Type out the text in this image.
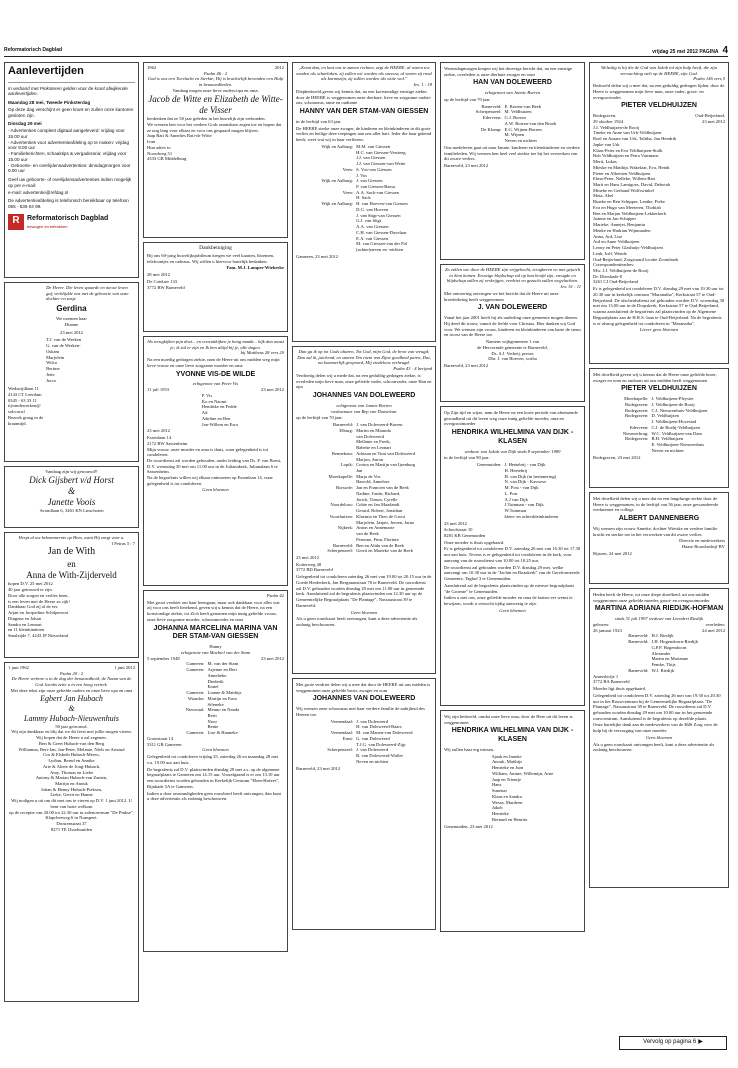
Reformatorisch Dagblad	vrijdag 25 mei 2012 PAGINA 4
Aanlevertijden

In verband met Pinksteren gelden voor de krant afwijkende aanlevertijden.

Maandag 28 mei, Tweede Pinksterdag

Op deze dag verschijnt er geen krant en zullen onze kantoren gesloten zijn.

Dinsdag 29 mei

- Advertenties compleet digitaal aangeleverd: vrijdag voor 15.00 uur
- Advertenties voor advertentieafdeling op te maken: vrijdag voor 9.00 uur
- Familieberichten, schaaktips & vergaderaria: vrijdag voor 15.00 uur
- Geboorte- en overlijdensadvertenties: dinsdagmorgen voor 9.00 uur

Geef uw geboorte- of overlijdensadvertenties indien mogelijk op per e-mail:

e-mail: advertentie@refdag.nl

De advertentieafdeling is telefonisch bereikbaar op telefoon 055 - 539 04 99.

R	Reformatorisch Dagblad
bewogen en betrokken
De Heere. Die leven spaarde en nieuw leven gaf, verblijdde ons met de geboorte van onze dochter en zusje
Gerdina
We noemen haar
Dianne
23 mei 2012
T.J. van de Werken
G. van de Werken-
Oskam
Marjolein
Wilco
Bertine
Jette
Jacco
Wedstrijdlaan 11
4143 CT Leerdam
0345 - 63 33 11
tijvandewerken@
solcon.nl
Bezoek graag in de
kraamtijd.
Vandaag zijn wij getrouwd!!
Dick Gijsbert v/d Horst
&
Janette Voois
Avondlaan 6, 3461 KN Linschoten
Herpt al uw bekommernis op Hem, want Hij zorgt voor u.
I Petrus 5 : 7
Jan de With
en
Anna de With-Zijderveld
hopen D.V. 25 mei 2012
40 jaar getrouwd te zijn.
Door alle zorgen en verlies heen,
is een leven met de Heere zo rijk!
Dankbaar God zij al de eer.
Arjan en Jacqueline Schilperoort
Dingena en Johan
Sandra en Lennart
en 11 kleinkinderen
Smalzijde 7, 4243 JP Nieuwland
1 juni 1962	1 juni 2012
Psalm 20 : 2
De Heere verhore u in de dag der benauwdheid; de Naam van de God Jacobs zette u in een hoog vertrek.
Met deze tekst zijn onze geliefde ouders en onze lieve opa en oma
Egbert Jan Hubach
&
Lammy Hubach-Nieuwenhuis
50 jaar getrouwd.
Wij zijn dankbaar en blij dat we dit feest met jullie mogen vieren.
Wij hopen dat de Heere u zal zegenen.
Bert & Greet Hubach-van den Berg
Williamna, Bert-Jan, Jan-Peter, Melanie, Niels en Arnoud
Cor & Elsbeth Hubach-Mereo,
Lydian, Bernd en Annike
Arie & Aliete de Jong-Hubach,
Amy, Thomas en Lieke
Antony & Marian Hubach-van Zanten,
Martijn en Anouk
Johan & Henny Hubach-Pieksen,
Lieke, Gerrit en Hanne
Wij nodigen u uit om dit met ons te vieren op D.V. 1 juni 2012. U bent van harte welkom
op de receptie van 20.00 tot 22.30 uur in zalencentrum "De Pinkse", Klapcherweg 6 in Nunspeet.
Drostenstraat 37
8271 TE IJsselmuiden
1962	2012
Psalm 46 : 2
God is ons een Toevlucht en Sterkte; Hij is krachtelijk bevonden een Hulp in benauwdheden.
Vandaag mogen onze lieve ouders/opa en oma,
Jacob de Witte en Elizabeth de Witte-de Visser
herdenken dat ze 50 jaar geleden in het huwelijk zijn verbonden.
We wensen hen voor het verdere Gods onmisbare zegen toe en hopen dat ze nog lang voor elkaar en voor ons gespaard mogen blijven.
Jaap Rati & Annelies Rati-de Witte
Ivan
Hun adres is:
Noordweg 51
4333 GB Middelburg
Dankbetuiging

Bij ons 60-jarig huwelijksjubileum kregen we veel kaarten, bloemen, telefoontjes en cadeaus. Wij willen u hiervoor hartelijk bedanken.

Fam. M.J. Lamper-Wiekerke

28 mei 2012

De Cotelaer 133
3772 BW Barneveld
Als terugkijken pijn doet... en vooruitkijken je bang maakt... kijk dan naast je; ik zal er zijn en Ik ben altijd bij je, alle dagen.
bij Mattheus 28 vers 20

Na een moedig gedragen ziekte, nam de Heere uit ons midden weg mijn lieve vrouw en onze lieve zorgzame moeder en oma

YVONNE VIS-DE WILDE
echtgenote van Peter Vis
11 juli 1953	23 mei 2012
P. Vis
Ko en Naomi
Hendrike en Fedde
Ad
Adeline en Ben
Jan-Willem en Esra

23 mei 2012

Essenlaan 14
2172 BW Sassenheim
Mijn vrouw, onze moeder en oma is thuis, waar gelegenheid is tot condoleren.
De rouwdienst zal worden gehouden, onder leiding van Ds. F. van Boest, D.V. woensdag 30 mei om 11.00 uur in de Julianakerk, Julianalaan 6 te Sassenheim.
Na de begrafenis willen wij elkaar ontmoeten op Essenlaan 14, waar gelegenheid is tot condoleren.
Geen bloemen
Psalm 42

Met groot verdriet om haar heengaan, maar ook dankbaar voor alles wat zij voor ons heeft betekend, geven wij u kennis dat de Heere, na een kortstondige ziekte, tot Zich heeft genomen mijn innig geliefde vrouw, onze lieve zorgzame moeder, schoonmoeder en oma

JOHANNA MARCELINA MARINA VAN DER STAM-VAN GIESSEN
Hanny
echtgenote van Machiel van der Stam
5 september 1948	23 mei 2012
Gameren: M. van der Stam
Gameren: Arjenne en Bert
Annelieke
Diederik
Emiel
Gameren: Lianne & Matthijs
Waardar: Martijn en Erna
Sifeneke
Nieuwaal: Menno en Nanda
Berit
Noor
Bente
Gameren: Lise & Hanneke
Grotestraat 14
5311 GB Gameren
Geen bloemen

Gelegenheid tot condoleren vrijdag 25, zaterdag 26 en maandag 28 mei v.a. 19.00 uur aan huis.

De begrafenis zal D.V. plaatsvinden dinsdag 29 mei a.s. op de algemene begraafplaats te Gameren om 14.15 uur. Voorafgaand is er om 13.10 uur een rouwdienst worden gehouden in Kerkelijk Centrum "Eben-Haëzer", Rijnkade 5A te Gameren.

Indien u door omstandigheden geen rouwbrief heeft ontvangen, dan kunt u deze advertentie als zodanig beschouwen.

„Komt dan, en laat ons te zamen rechten, zegt de HEERE, al waren uw zonden als scharlaken, zij zullen wit worden als sneeuw, al waren zij rood als karmozijn, zij zullen worden als witte wol."
Jes. 1 : 18

Diepbedroefd geven wij kennis dat, na een kortstondige ernstige ziekte, door de HEERE is weggenomen onze dierbare, lieve en zorgzame oudste zus, schoonzus, tante en oudtante

HANNY VAN DER STAM-VAN GIESSEN

in de leeftijd van 63 jaar.

De HEERE sterke onze zwager, de kinderen en kleinkinderen in dit grote verlies en heilige deze roepingen aan ons aller hart. Ieder die haar gekend heeft, weet wat wij in haar verliezen.

Wijk en Aalburg: M.M. van Giessen
H.C. van Giessen-Versteeg
J.J. van Giessen
J.J. van Giessen-van Wette
Veen: S. Vos-van Giessen
J. Vos
Wijk en Aalburg: J. van Giessen
P. van Giessen-Bassa
Veen: A.A. Sack-van Giessen
H. Sack
Wijk en Aalburg: H. van Hoeven-van Giessen
D.G. van Hoeven
J. van Stigt-van Giessen
G.J. van Stigt
A.A. van Giessen
C.H. van Giessen-Daveluar
E.A. van Giessen
M. van Giessen-van der Pol
(achter)neven en -nichten

Gameren, 23 mei 2012

Dan ga ik op tot Gods altaren, Tot God, mijn God, de bron van vreugd; Dan zal ik, juichend, en snaren Ten roem van Zijne goedheid paren, Dat, na kommerlijk geopoord, Mij eindeloos verheugd.
Psalm 43 : 4 berijmd

Verdrietig delen wij u mede dat, na een geduldig gedragen ziekte, is overleden mijn lieve man, onze geliefde vader, schoonvader, onze Han en opa

JOHANNES VAN DOLEWEERD
echtgenoot van Jannie Borren
weduwnaar van Bep van Donselaar

op de leeftijd van 70 jaar.

Barneveld: J. van Doleweerd-Borren
Elburg: Martin en Miranda
van Doleweerd
Mellanie en Freek,
Babette en Leonart
Bennekom: Adriaan en Tinu van Doleweerd
Marjon, Anton
Lopik: Corina en Martijn van Ijsenburg
Jan
Moerkapelle: Marja de Vos
Harrold, Annelore
Borssele: Jan en Francien van de Beek
Nadine, Justin, Richard,
Jorick, Timon, Cyrelle
Noordeloos: Cobie en Jan Mazdandt
Gerard, Robert, Jonathan
Voorthuizen: Klazinia en Theo de Groot
Marjolein, Jasper, Jeroen, Jarno
Nijkerk: Anton en Annemarie
van de Beek
Fernone, Finn, Florinte
Barneveld: Ben en Alida van de Beek
Scherpenzeel: Gerrit en Marieke van de Beek

23 mei 2012

Kotterweg 48
3772 BD Barneveld

Gelegenheid tot condoleren zaterdag 26 mei van 19.00 tot 20.15 uur in de Goede Herderkerk, Jan Bergmanstraat 70 te Barneveld. De rouwdienst zal D.V. gehouden worden dinsdag 29 mei om 11.00 uur in genoemde kerk. Aansluitend zal de begrafenis plaatsvinden om 12.30 uur op de Gemeentelijke Begraafplaats "De Plantage", Nassaustraat 39 te Barneveld.

Geen bloemen

Als u geen rouwkaart heeft ontvangen, kunt u deze advertentie als zodanig beschouwen.

Met grote verdriet delen wij u mee dat door de HEERE uit ons midden is weggenomen onze geliefde broer, zwager en oom

JOHANNES VAN DOLEWEERD

Wij wensen onze schoonzus met haar verdere familie de nabijheid des Heeren toe.

Veenendaal: J. van Doleweerd
H. van Doleweerd-Baars
Veenendaal: M. van Manen-van Doleweerd
Ermt: G. van Doleweerd
T.J.G. van Doleweerd-Zijp
Scherpenzeel: J. van Doleweerd
R. van Doleweerd-Wallet
Neven en nichten

Barneveld, 23 mei 2012

Woensdagmorgen kregen wij het droevige bericht dat, na een ernstige ziekte, overleden is onze dierbare zwager en oom

HAN VAN DOLEWEERD
echtgenoot van Jannie Borren

op de leeftijd van 70 jaar.

Barneveld: E. Borren-van Beek
Scherpenzeel: M. Veldhuizen
Ederveen: G.J. Borren
A.W. Borren-van den Broek
De Klomp: E.G. Wijnen-Borren
M. Wijnen
Neven en nichten

Ons medeleven gaat uit naar Jannie, kinderen en kleinkinderen en verdere familieleden. Wij wensen hen heel veel sterkte toe bij het verwerken van dit zware verlies.

Barneveld, 23 mei 2012

Zo zullen wie door de HEERE zijn vrijgekocht, terugkeren en met gejuich in Sion komen. Eeuwige blijdschap zal op hun hoofd zijn, vreugde en blijdschap zullen zij verkrijgen, verdriet en gezucht zullen wegvluchten.
Jes. 51 : 11

Met ontroering ontvingen we het bericht dat de Heere uit onze broederkring heeft weggenomen

J. VAN DOLEWEERD

Vanaf het jaar 2001 heeft hij als ouderling onze gemeente mogen dienen. Hij deed dit trouw, vanuit de liefde voor Christus. Hier danken wij God voor. We wensen zijn vrouw, kinderen en kleinkinderen van harte de steun en troost van de Heere toe.

Namens wijkgemeente 1 van
de Hervormde gemeente te Barneveld,
Ds. S.J. Verheij, preses
Dhr. J. van Hoeven, scriba

Barneveld, 23 mei 2012

Op Zijn tijd en wijze, nam de Heere na een korte periode van afnemende gezondheid uit dit leven weg onze innig geliefde moeder, oma en overgrootmoeder

HENDRIKA WILHELMINA VAN DIJK - KLASEN
weduwe van Jakob van Dijk sinds 8 september 1989

in de leeftijd van 90 jaar.

Genemuiden: J. Heetebrij - van Dijk
H. Heetebrij
H. van Dijk (in herinnering)
N. van Dijk - Kaswese
M. Post - van Dijk
L. Post
A.J van Dijk
J.Tuinman - van Dijk
W.Tuinman
klein- en achterkleinkinderen

23 mei 2012

Schoolstraat 10
8281 KB Genemuiden

Onze moeder is thuis opgebaard.

Er is gelegenheid tot condoleren D.V. zaterdag 26 mei van 16.30 tot 17.30 uur aan huis. Tevens is er gelegenheid tot condoleren in de kerk, voor aanvang van de rouwdienst van 10.00 tot 10.25 uur.

De rouwdienst zal gehouden worden D.V. dinsdag 29 mei, welke aanvangt om 10.30 uur in de "Jachin en Boazkerk" van de Gereformeerde Gemeente, Taghof 3 te Genemuiden.

Aansluitend zal de begrafenis plaatsvinden op de nieuwe begraafplaats "de Groente" te Genemuiden.

Indien u met ons, onze geliefde moeder en oma de laatste eer wenst te bewijzen, wordt u verzocht tijdig aanwezig te zijn.

Geen bloemen

Wij zijn bedroefd, omdat onze lieve oma, door de Here uit dit leven is weggenomen

HENDRIKA WILHELMINA VAN DIJK - KLASEN

Wij zullen haar erg missen.

Sjaak en Janette
Anouk, Matthijs
Henrieke en Jurn
William, Amine, Willemijn, Arne
Jaap en Trientje
Hans
Sunenat
Klaas en Sandra
Wessa, Marileen
Jakob
Henrieke
Bernard en Henrita

Genemuiden, 23 mei 2012

Welzalig is hij die de God van Jakob tot zijn hulp heeft, die zijn verwachting stelt op de HEERE, zijn God.
Psalm 146 vers 5

Bedroefd delen wij u mee dat, na een geduldig gedragen lijden, door de Heere is weggenomen mijn lieve man, onze vader, groot- en overgrootvader

PIETER VELDHUIJZEN
Bodegraven,	Oud-Beijerland,
29 oktober 1924	23 mei 2012
J.J. Veldhuijzen-de Rooij
Tineke en Anne van Urk-Veldhuijzen
Roel en Amara van Urk, Talitha, Jan Hendrik
Japke van Urk
Klaas-Peter en Eva Veldhuijzen-Stolk
Bob Veldhuijzen en Petra Vastmans
Merit, Lukas
Mieske en Matthijs Wakelaar, Eva, Hendi
Pieter en Albertien Veldhuijzen
Elma-Peter, Nelleke, Willem-Bart
Marit en Hans Lamigoes, David, Deborah
Mineke en Gerhand Wolfswinkel
Meta, Abel
Rineke en Ben Schipper, Lenthe, Fieke
Eva en Hugo van Meeteren, Thobiah
Ben en Marjan Veldhuijzen-Lekkerkerk
Joanne en Jan Schipper
Marieke, Annejet, Benjamin
Menke en Hadrian Wijnmaalen
Anna, Ard, Lise
Ard en Anne Veldhuijzen
Leony en Peter Glashuijs-Veldhuijzen
Leah, Joël, Wende
Oud-Beijerland, Zorgwaard locatie Zoomhoek
Correspondentieadres:
Mw. J.J. Veldhuijzen-de Rooij
Dr. Dierskade 8
3261 CJ Oud-Beijerland

Er is gelegenheid tot condoleren D.V. dinsdag 29 mei van 19.30 uur tot 20.30 uur in kerkelijk centrum "Maranatha", Kerkstraat 57 te Oud-Beijerland. De afscheidsdienst zal gehouden worden D.V. woensdag 30 mei om 13.00 uur in de Dorpskerk, Kerkstraat 57 te Oud-Beijerland, waarna aansluitend de begrafenis zal plaatsvinden op de Algemene Begraafplaats aan de H.R.S.-laan te Oud-Beijerland. Na de begrafenis is er alsnog gelegenheid tot condoleren in "Maranatha".

Liever geen bloemen

Met droefheid geven wij u kennis dat de Heere onze geliefde broer, zwager en oom en oudoom uit ons midden heeft weggenomen

PIETER VELDHUIJZEN
Moerkapelle: J. Veldhuijzen-Pleysier
Bodegraven: J. Veldhuijzen-de Rooij
Bodegraven: C.J. Nieuwenhuis-Veldhuijzen
Bodegraven: D. Veldhuijzen
J. Veldhuijzen-Hovestad
Ederveen: C.J. de Roelij-Veldhuijzen
Nieuwerbrug: W.C. Veldhuijzen-van Dam
Bodegraven: B.H. Veldhuijzen
E. Veldhuijzen-Nieuwenhuis
Neven en nichten

Bodegraven, 23 mei 2012

Met droefheid delen wij u mee dat na een langdurige ziekte door de Heere is weggenomen, in de leeftijd van 56 jaar, onze gewaardeerde werknemer en collega

ALBERT DANNENBERG

Wij wensen zijn vrouw Anneke, dochter Wietske en verdere familie kracht en sterkte toe in het verwerken van dit zware verlies.

Directie en medewerkers
Haase Bouwbedrijf BV

Rijssen, 24 mei 2012

Heden heeft de Heere, tot onze diepe droefheid, uit ons midden weggenomen onze geliefde moeder, groot- en overgrootmoeder

MARTINA ADRIANA RIEDIJK-HOFMAN
sinds 31 juli 1997 weduwe van Leendert Riedijk
geboren:	overleden:
26 januari 1923	24 mei 2012
Barneveld: H.J. Riedijk
Barneveld: J.H. Hogendoorn-Riedijk
G.P.P. Hogendoorn
Alexander
Martin en Marianne
Femke, Thijs
Barneveld: W.J. Riedijk
Amershofje 1
3772 BA Barneveld

Moeder ligt thuis opgebaard.

Gelegenheid tot condoleren D.V. zaterdag 26 mei van 19.30 tot 20.30 uur in het Rouwcentrum bij de Gemeentelijke Begraafplaats "De Plantage", Nassaustraat 39 te Barneveld. De rouwdienst zal D.V. gehouden worden dinsdag 29 mei om 10.00 uur in het genoemde rouwcentrum. Aansluitend is de begrafenis op dezelfde plaats.

Onze hartelijke dank aan de medewerkers van de HdS Zorg voor de hulp bij de verzorging van onze moeder.

Geen bloemen

Als u geen rouwkaart ontvangen heeft, kunt u deze advertentie als zodanig beschouwen.

Vervolg op pagina 6 ▶
